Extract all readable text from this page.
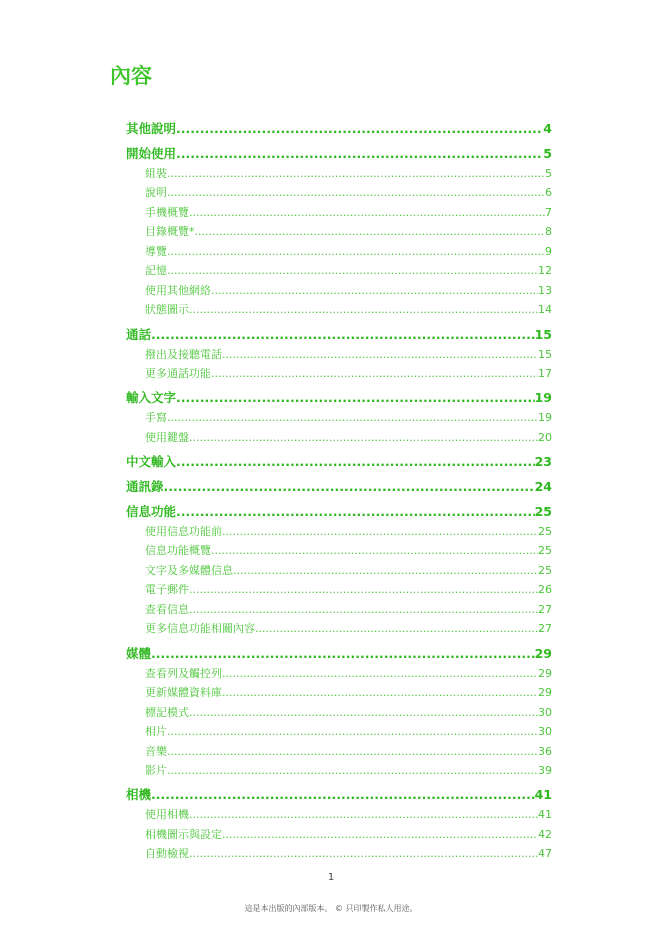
內容
其他說明 .....	4
開始使用 .....	5
組裝 .....	5
說明 .....	6
手機概覽 .....	7
目錄概覽* .....	8
導覽 .....	9
記憶 .....	12
使用其他網絡 .....	13
狀態圖示 .....	14
通話 .....	15
撥出及接聽電話 .....	15
更多通話功能 .....	17
輸入文字 .....	19
手寫 .....	19
使用鍵盤 .....	20
中文輸入 .....	23
通訊錄 .....	24
信息功能 .....	25
使用信息功能前 .....	25
信息功能概覽 .....	25
文字及多媒體信息 .....	25
電子郵件 .....	26
查看信息 .....	27
更多信息功能相關內容 .....	27
媒體 .....	29
查看列及觸控列 .....	29
更新媒體資料庫 .....	29
標記模式 .....	30
相片 .....	30
音樂 .....	36
影片 .....	39
相機 .....	41
使用相機 .....	41
相機圖示與設定 .....	42
自動檢視 .....	47
1
這是本出版的內部版本。 © 只印製作私人用途。
